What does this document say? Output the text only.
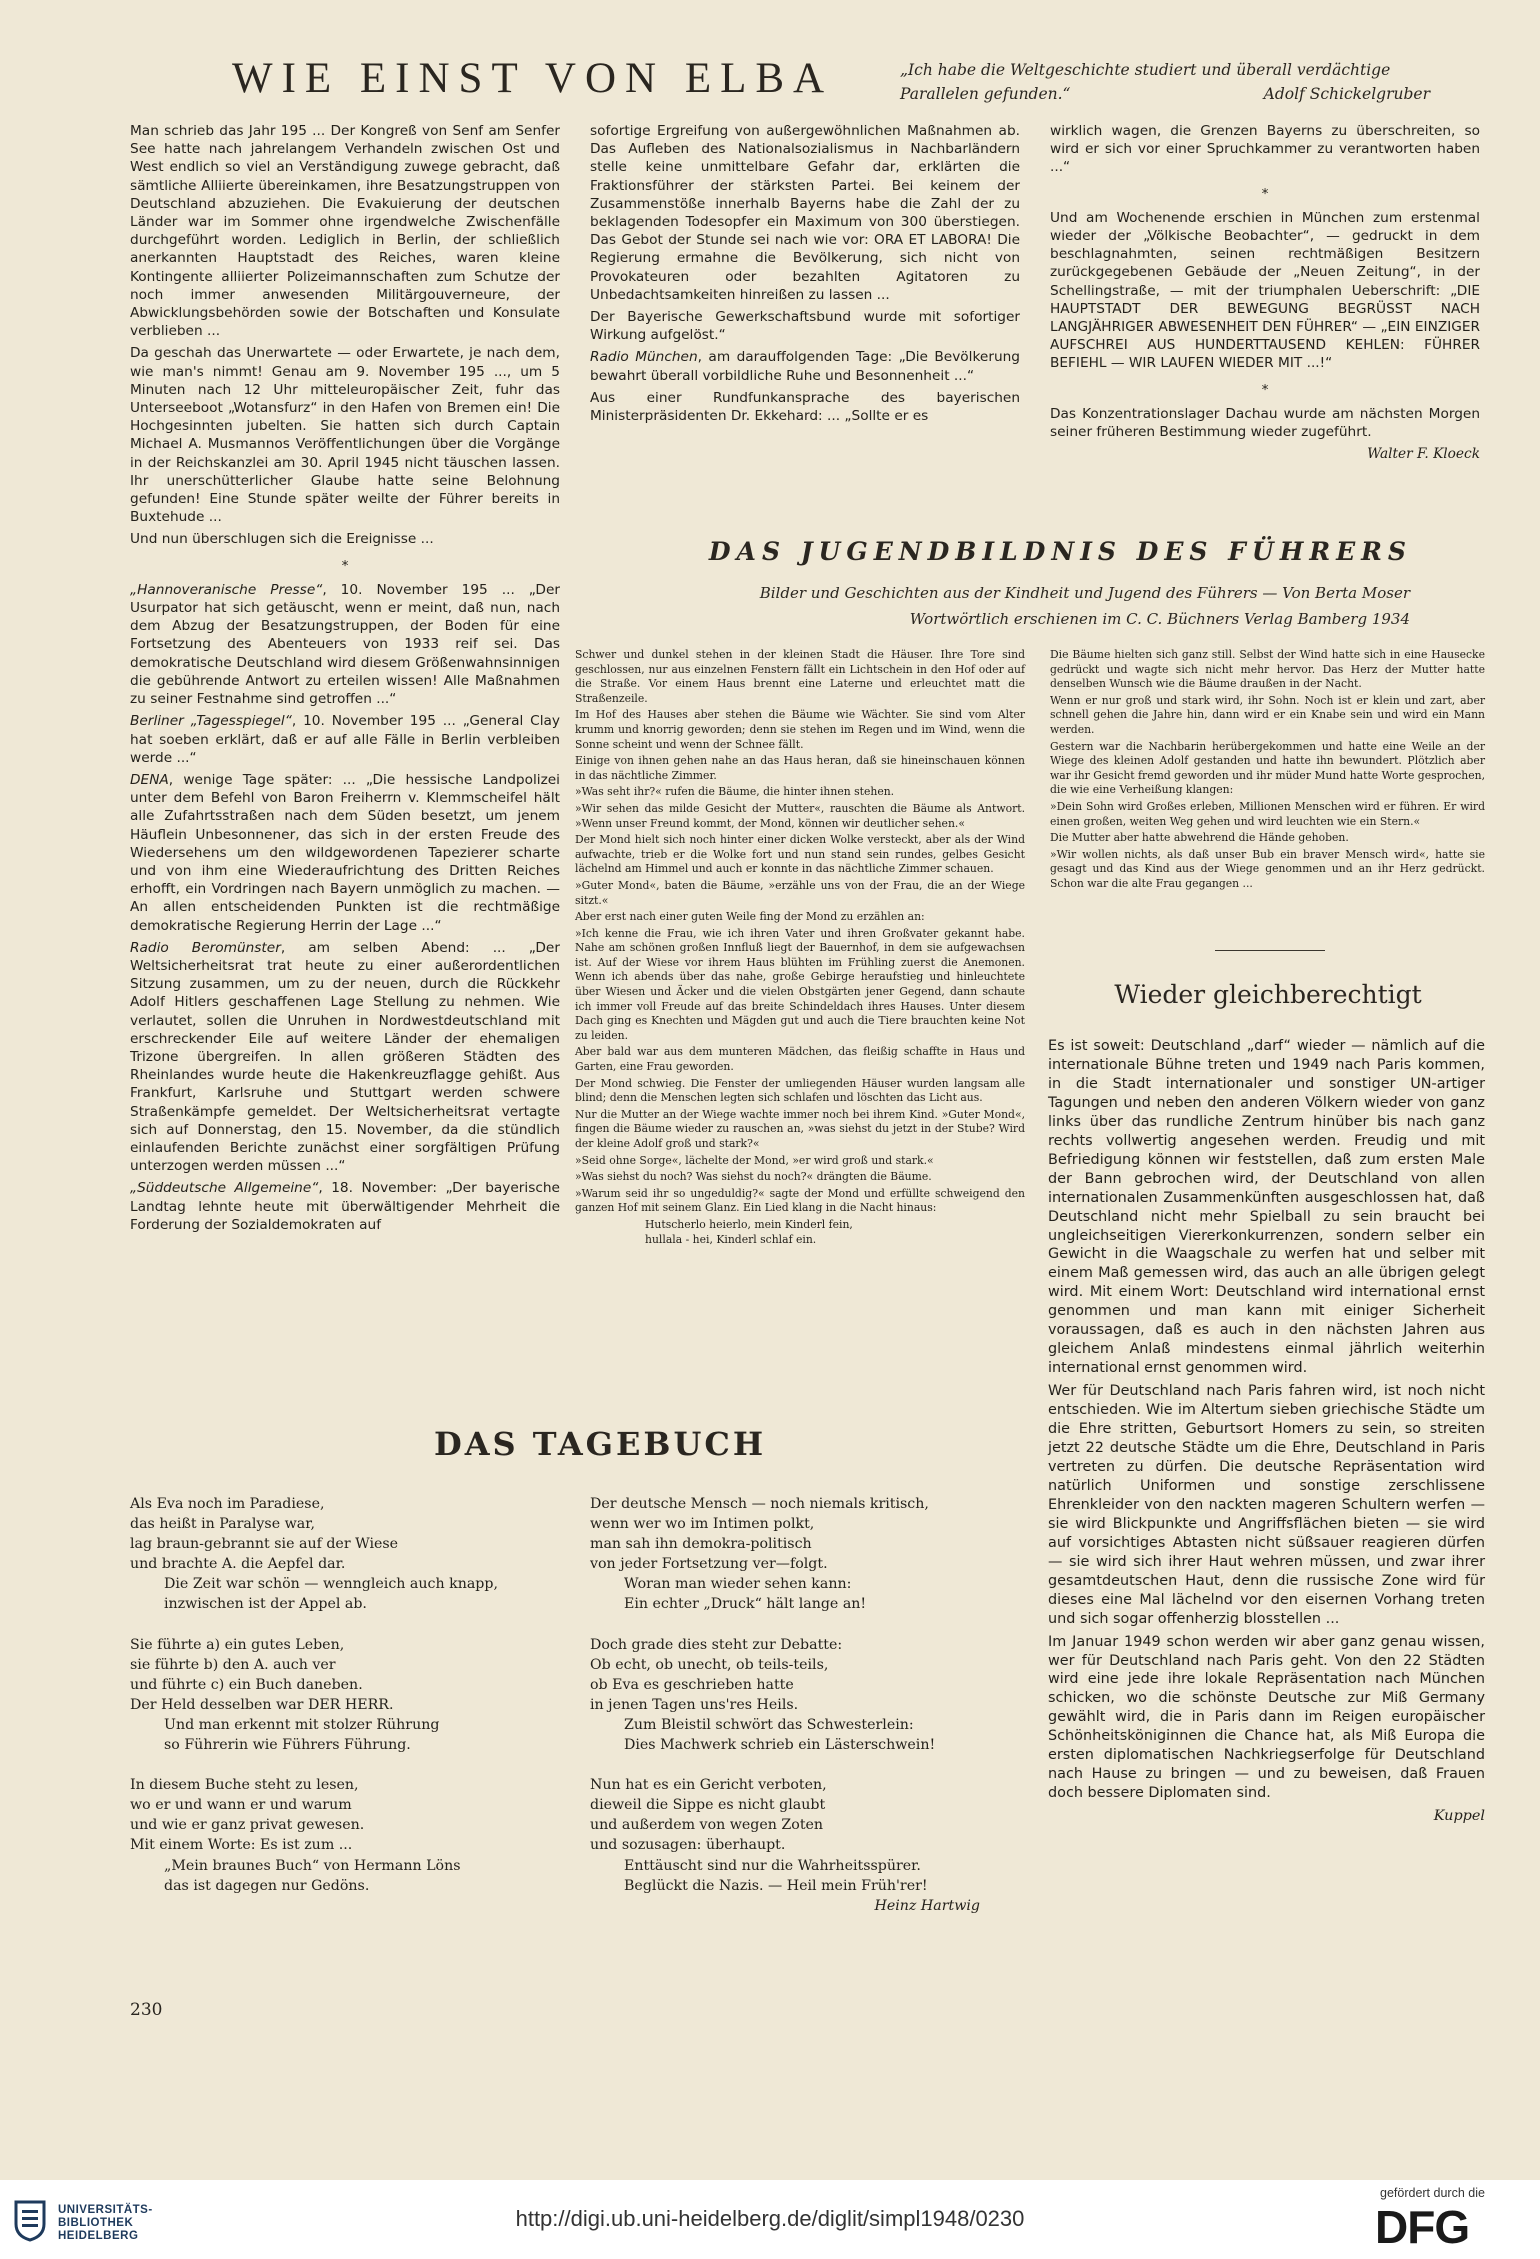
WIE EINST VON ELBA	„Ich habe die Weltgeschichte studiert und überall verdächtige Parallelen gefunden.“	Adolf Schickelgruber

Man schrieb das Jahr 195 ... Der Kongreß von Senf am Senfer See hatte nach jahrelangem Verhandeln zwischen Ost und West endlich so viel an Verständigung zuwege gebracht, daß sämtliche Alliierte übereinkamen, ihre Besatzungstruppen von Deutschland abzuziehen. Die Evakuierung der deutschen Länder war im Sommer ohne irgendwelche Zwischenfälle durchgeführt worden. Lediglich in Berlin, der schließlich anerkannten Hauptstadt des Reiches, waren kleine Kontingente alliierter Polizeimannschaften zum Schutze der noch immer anwesenden Militärgouverneure, der Abwicklungsbehörden sowie der Botschaften und Konsulate verblieben ...

Da geschah das Unerwartete — oder Erwartete, je nach dem, wie man's nimmt! Genau am 9. November 195 ..., um 5 Minuten nach 12 Uhr mitteleuropäischer Zeit, fuhr das Unterseeboot „Wotansfurz“ in den Hafen von Bremen ein! Die Hochgesinnten jubelten. Sie hatten sich durch Captain Michael A. Musmannos Veröffentlichungen über die Vorgänge in der Reichskanzlei am 30. April 1945 nicht täuschen lassen. Ihr unerschütterlicher Glaube hatte seine Belohnung gefunden! Eine Stunde später weilte der Führer bereits in Buxtehude ...

Und nun überschlugen sich die Ereignisse ...

*

„Hannoveranische Presse“, 10. November 195 ... „Der Usurpator hat sich getäuscht, wenn er meint, daß nun, nach dem Abzug der Besatzungstruppen, der Boden für eine Fortsetzung des Abenteuers von 1933 reif sei. Das demokratische Deutschland wird diesem Größenwahnsinnigen die gebührende Antwort zu erteilen wissen! Alle Maßnahmen zu seiner Festnahme sind getroffen ...“

Berliner „Tagesspiegel“, 10. November 195 ... „General Clay hat soeben erklärt, daß er auf alle Fälle in Berlin verbleiben werde ...“

DENA, wenige Tage später: ... „Die hessische Landpolizei unter dem Befehl von Baron Freiherrn v. Klemmscheifel hält alle Zufahrtsstraßen nach dem Süden besetzt, um jenem Häuflein Unbesonnener, das sich in der ersten Freude des Wiedersehens um den wildgewordenen Tapezierer scharte und von ihm eine Wiederaufrichtung des Dritten Reiches erhofft, ein Vordringen nach Bayern unmöglich zu machen. — An allen entscheidenden Punkten ist die rechtmäßige demokratische Regierung Herrin der Lage ...“

Radio Beromünster, am selben Abend: ... „Der Weltsicherheitsrat trat heute zu einer außerordentlichen Sitzung zusammen, um zu der neuen, durch die Rückkehr Adolf Hitlers geschaffenen Lage Stellung zu nehmen. Wie verlautet, sollen die Unruhen in Nordwestdeutschland mit erschreckender Eile auf weitere Länder der ehemaligen Trizone übergreifen. In allen größeren Städten des Rheinlandes wurde heute die Hakenkreuzflagge gehißt. Aus Frankfurt, Karlsruhe und Stuttgart werden schwere Straßenkämpfe gemeldet. Der Weltsicherheitsrat vertagte sich auf Donnerstag, den 15. November, da die stündlich einlaufenden Berichte zunächst einer sorgfältigen Prüfung unterzogen werden müssen ...“

„Süddeutsche Allgemeine“, 18. November: „Der bayerische Landtag lehnte heute mit überwältigender Mehrheit die Forderung der Sozialdemokraten auf

sofortige Ergreifung von außergewöhnlichen Maßnahmen ab. Das Aufleben des Nationalsozialismus in Nachbarländern stelle keine unmittelbare Gefahr dar, erklärten die Fraktionsführer der stärksten Partei. Bei keinem der Zusammenstöße innerhalb Bayerns habe die Zahl der zu beklagenden Todesopfer ein Maximum von 300 überstiegen. Das Gebot der Stunde sei nach wie vor: ORA ET LABORA! Die Regierung ermahne die Bevölkerung, sich nicht von Provokateuren oder bezahlten Agitatoren zu Unbedachtsamkeiten hinreißen zu lassen ...

Der Bayerische Gewerkschaftsbund wurde mit sofortiger Wirkung aufgelöst.“

Radio München, am darauffolgenden Tage: „Die Bevölkerung bewahrt überall vorbildliche Ruhe und Besonnenheit ...“

Aus einer Rundfunkansprache des bayerischen Ministerpräsidenten Dr. Ekkehard: ... „Sollte er es

wirklich wagen, die Grenzen Bayerns zu überschreiten, so wird er sich vor einer Spruchkammer zu verantworten haben ...“

*

Und am Wochenende erschien in München zum erstenmal wieder der „Völkische Beobachter“, — gedruckt in dem beschlagnahmten, seinen rechtmäßigen Besitzern zurückgegebenen Gebäude der „Neuen Zeitung“, in der Schellingstraße, — mit der triumphalen Ueberschrift: „DIE HAUPTSTADT DER BEWEGUNG BEGRÜSST NACH LANGJÄHRIGER ABWESENHEIT DEN FÜHRER“ — „EIN EINZIGER AUFSCHREI AUS HUNDERTTAUSEND KEHLEN: FÜHRER BEFIEHL — WIR LAUFEN WIEDER MIT ...!“

*

Das Konzentrationslager Dachau wurde am nächsten Morgen seiner früheren Bestimmung wieder zugeführt.

Walter F. Kloeck
DAS JUGENDBILDNIS DES FÜHRERS
Bilder und Geschichten aus der Kindheit und Jugend des Führers — Von Berta Moser
Wortwörtlich erschienen im C. C. Büchners Verlag Bamberg 1934

Schwer und dunkel stehen in der kleinen Stadt die Häuser. Ihre Tore sind geschlossen, nur aus einzelnen Fenstern fällt ein Lichtschein in den Hof oder auf die Straße. Vor einem Haus brennt eine Laterne und erleuchtet matt die Straßenzeile.

Im Hof des Hauses aber stehen die Bäume wie Wächter. Sie sind vom Alter krumm und knorrig geworden; denn sie stehen im Regen und im Wind, wenn die Sonne scheint und wenn der Schnee fällt.

Einige von ihnen gehen nahe an das Haus heran, daß sie hineinschauen können in das nächtliche Zimmer.

»Was seht ihr?« rufen die Bäume, die hinter ihnen stehen.

»Wir sehen das milde Gesicht der Mutter«, rauschten die Bäume als Antwort. »Wenn unser Freund kommt, der Mond, können wir deutlicher sehen.«

Der Mond hielt sich noch hinter einer dicken Wolke versteckt, aber als der Wind aufwachte, trieb er die Wolke fort und nun stand sein rundes, gelbes Gesicht lächelnd am Himmel und auch er konnte in das nächtliche Zimmer schauen.

»Guter Mond«, baten die Bäume, »erzähle uns von der Frau, die an der Wiege sitzt.«

Aber erst nach einer guten Weile fing der Mond zu erzählen an:

»Ich kenne die Frau, wie ich ihren Vater und ihren Großvater gekannt habe. Nahe am schönen großen Innfluß liegt der Bauernhof, in dem sie aufgewachsen ist. Auf der Wiese vor ihrem Haus blühten im Frühling zuerst die Anemonen. Wenn ich abends über das nahe, große Gebirge heraufstieg und hinleuchtete über Wiesen und Äcker und die vielen Obstgärten jener Gegend, dann schaute ich immer voll Freude auf das breite Schindeldach ihres Hauses. Unter diesem Dach ging es Knechten und Mägden gut und auch die Tiere brauchten keine Not zu leiden.

Aber bald war aus dem munteren Mädchen, das fleißig schaffte in Haus und Garten, eine Frau geworden.

Der Mond schwieg. Die Fenster der umliegenden Häuser wurden langsam alle blind; denn die Menschen legten sich schlafen und löschten das Licht aus.

Nur die Mutter an der Wiege wachte immer noch bei ihrem Kind. »Guter Mond«, fingen die Bäume wieder zu rauschen an, »was siehst du jetzt in der Stube? Wird der kleine Adolf groß und stark?«

»Seid ohne Sorge«, lächelte der Mond, »er wird groß und stark.«

»Was siehst du noch? Was siehst du noch?« drängten die Bäume.

»Warum seid ihr so ungeduldig?« sagte der Mond und erfüllte schweigend den ganzen Hof mit seinem Glanz. Ein Lied klang in die Nacht hinaus:

Hutscherlo heierlo, mein Kinderl fein,
hullala - hei, Kinderl schlaf ein.

Die Bäume hielten sich ganz still. Selbst der Wind hatte sich in eine Hausecke gedrückt und wagte sich nicht mehr hervor. Das Herz der Mutter hatte denselben Wunsch wie die Bäume draußen in der Nacht.

Wenn er nur groß und stark wird, ihr Sohn. Noch ist er klein und zart, aber schnell gehen die Jahre hin, dann wird er ein Knabe sein und wird ein Mann werden.

Gestern war die Nachbarin herübergekommen und hatte eine Weile an der Wiege des kleinen Adolf gestanden und hatte ihn bewundert. Plötzlich aber war ihr Gesicht fremd geworden und ihr müder Mund hatte Worte gesprochen, die wie eine Verheißung klangen:

»Dein Sohn wird Großes erleben, Millionen Menschen wird er führen. Er wird einen großen, weiten Weg gehen und wird leuchten wie ein Stern.«

Die Mutter aber hatte abwehrend die Hände gehoben.

»Wir wollen nichts, als daß unser Bub ein braver Mensch wird«, hatte sie gesagt und das Kind aus der Wiege genommen und an ihr Herz gedrückt. Schon war die alte Frau gegangen ...

Wieder gleichberechtigt

Es ist soweit: Deutschland „darf“ wieder — nämlich auf die internationale Bühne treten und 1949 nach Paris kommen, in die Stadt internationaler und sonstiger UN-artiger Tagungen und neben den anderen Völkern wieder von ganz links über das rundliche Zentrum hinüber bis nach ganz rechts vollwertig angesehen werden. Freudig und mit Befriedigung können wir feststellen, daß zum ersten Male der Bann gebrochen wird, der Deutschland von allen internationalen Zusammenkünften ausgeschlossen hat, daß Deutschland nicht mehr Spielball zu sein braucht bei ungleichseitigen Viererkonkurrenzen, sondern selber ein Gewicht in die Waagschale zu werfen hat und selber mit einem Maß gemessen wird, das auch an alle übrigen gelegt wird. Mit einem Wort: Deutschland wird international ernst genommen und man kann mit einiger Sicherheit voraussagen, daß es auch in den nächsten Jahren aus gleichem Anlaß mindestens einmal jährlich weiterhin international ernst genommen wird.

Wer für Deutschland nach Paris fahren wird, ist noch nicht entschieden. Wie im Altertum sieben griechische Städte um die Ehre stritten, Geburtsort Homers zu sein, so streiten jetzt 22 deutsche Städte um die Ehre, Deutschland in Paris vertreten zu dürfen. Die deutsche Repräsentation wird natürlich Uniformen und sonstige zerschlissene Ehrenkleider von den nackten mageren Schultern werfen — sie wird Blickpunkte und Angriffsflächen bieten — sie wird auf vorsichtiges Abtasten nicht süßsauer reagieren dürfen — sie wird sich ihrer Haut wehren müssen, und zwar ihrer gesamtdeutschen Haut, denn die russische Zone wird für dieses eine Mal lächelnd vor den eisernen Vorhang treten und sich sogar offenherzig blosstellen ...

Im Januar 1949 schon werden wir aber ganz genau wissen, wer für Deutschland nach Paris geht. Von den 22 Städten wird eine jede ihre lokale Repräsentation nach München schicken, wo die schönste Deutsche zur Miß Germany gewählt wird, die in Paris dann im Reigen europäischer Schönheitsköniginnen die Chance hat, als Miß Europa die ersten diplomatischen Nachkriegserfolge für Deutschland nach Hause zu bringen — und zu beweisen, daß Frauen doch bessere Diplomaten sind.

Kuppel
DAS TAGEBUCH
Als Eva noch im Paradiese,
das heißt in Paralyse war,
lag braun-gebrannt sie auf der Wiese
und brachte A. die Aepfel dar.
Die Zeit war schön — wenngleich auch knapp,
inzwischen ist der Appel ab.
Sie führte a) ein gutes Leben,
sie führte b) den A. auch ver
und führte c) ein Buch daneben.
Der Held desselben war DER HERR.
Und man erkennt mit stolzer Rührung
so Führerin wie Führers Führung.
In diesem Buche steht zu lesen,
wo er und wann er und warum
und wie er ganz privat gewesen.
Mit einem Worte: Es ist zum ...
„Mein braunes Buch“ von Hermann Löns
das ist dagegen nur Gedöns.
Der deutsche Mensch — noch niemals kritisch,
wenn wer wo im Intimen polkt,
man sah ihn demokra-politisch
von jeder Fortsetzung ver—folgt.
Woran man wieder sehen kann:
Ein echter „Druck“ hält lange an!
Doch grade dies steht zur Debatte:
Ob echt, ob unecht, ob teils-teils,
ob Eva es geschrieben hatte
in jenen Tagen uns'res Heils.
Zum Bleistil schwört das Schwesterlein:
Dies Machwerk schrieb ein Lästerschwein!
Nun hat es ein Gericht verboten,
dieweil die Sippe es nicht glaubt
und außerdem von wegen Zoten
und sozusagen: überhaupt.
Enttäuscht sind nur die Wahrheitsspürer.
Beglückt die Nazis. — Heil mein Früh'rer!
Heinz Hartwig
230
UNIVERSITÄTS-
BIBLIOTHEK
HEIDELBERG
http://digi.ub.uni-heidelberg.de/diglit/simpl1948/0230
gefördert durch die
DFG
